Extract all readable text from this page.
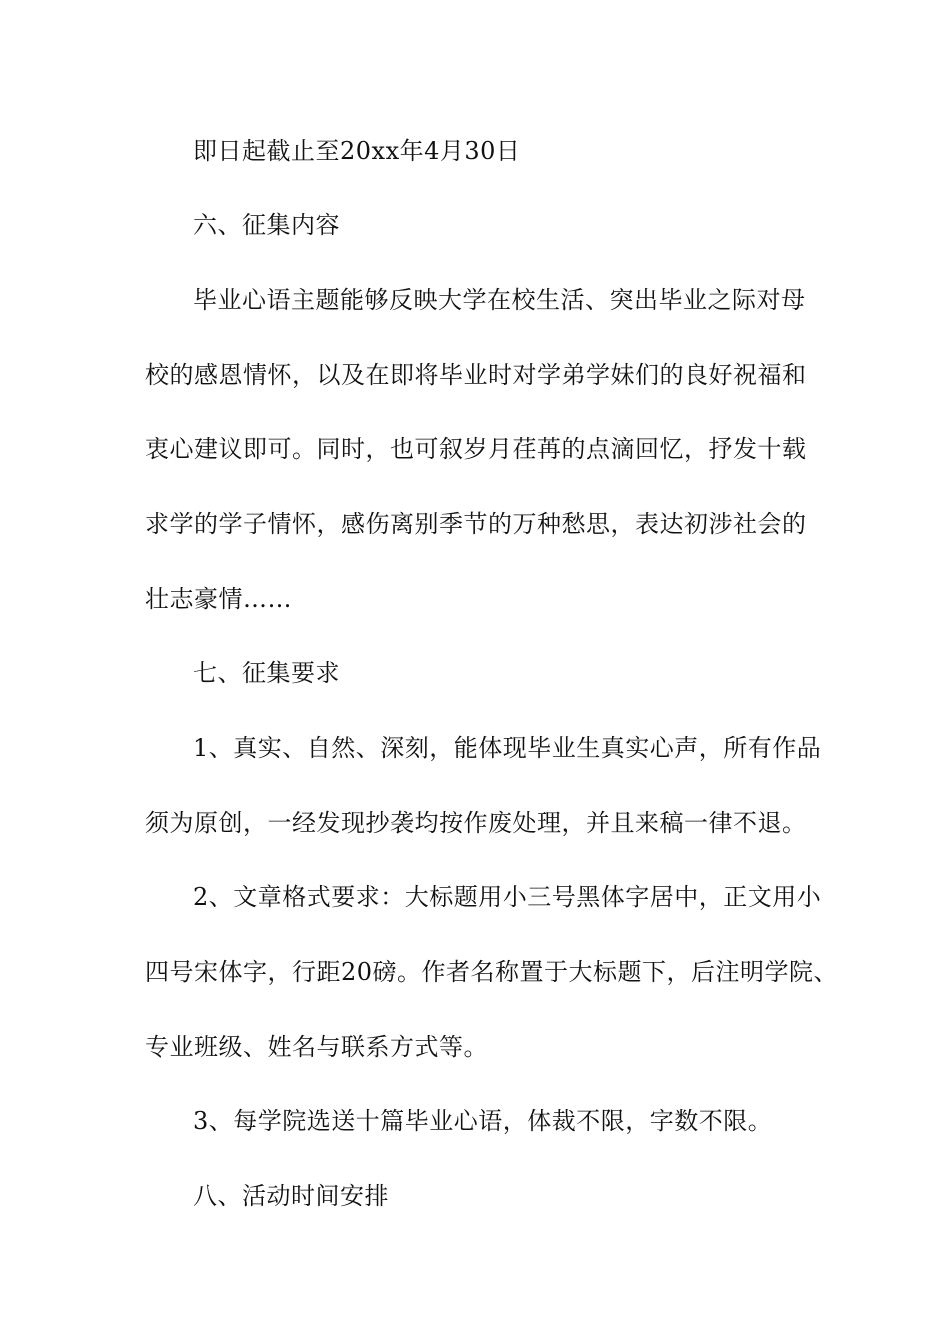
即日起截止至20xx年4月30日
六、征集内容
毕业心语主题能够反映大学在校生活、突出毕业之际对母
校的感恩情怀，以及在即将毕业时对学弟学妹们的良好祝福和
衷心建议即可。同时，也可叙岁月荏苒的点滴回忆，抒发十载
求学的学子情怀，感伤离别季节的万种愁思，表达初涉社会的
壮志豪情……
七、征集要求
1、真实、自然、深刻，能体现毕业生真实心声，所有作品
须为原创，一经发现抄袭均按作废处理，并且来稿一律不退。
2、文章格式要求：大标题用小三号黑体字居中，正文用小
四号宋体字，行距20磅。作者名称置于大标题下，后注明学院、
专业班级、姓名与联系方式等。
3、每学院选送十篇毕业心语，体裁不限，字数不限。
八、活动时间安排
